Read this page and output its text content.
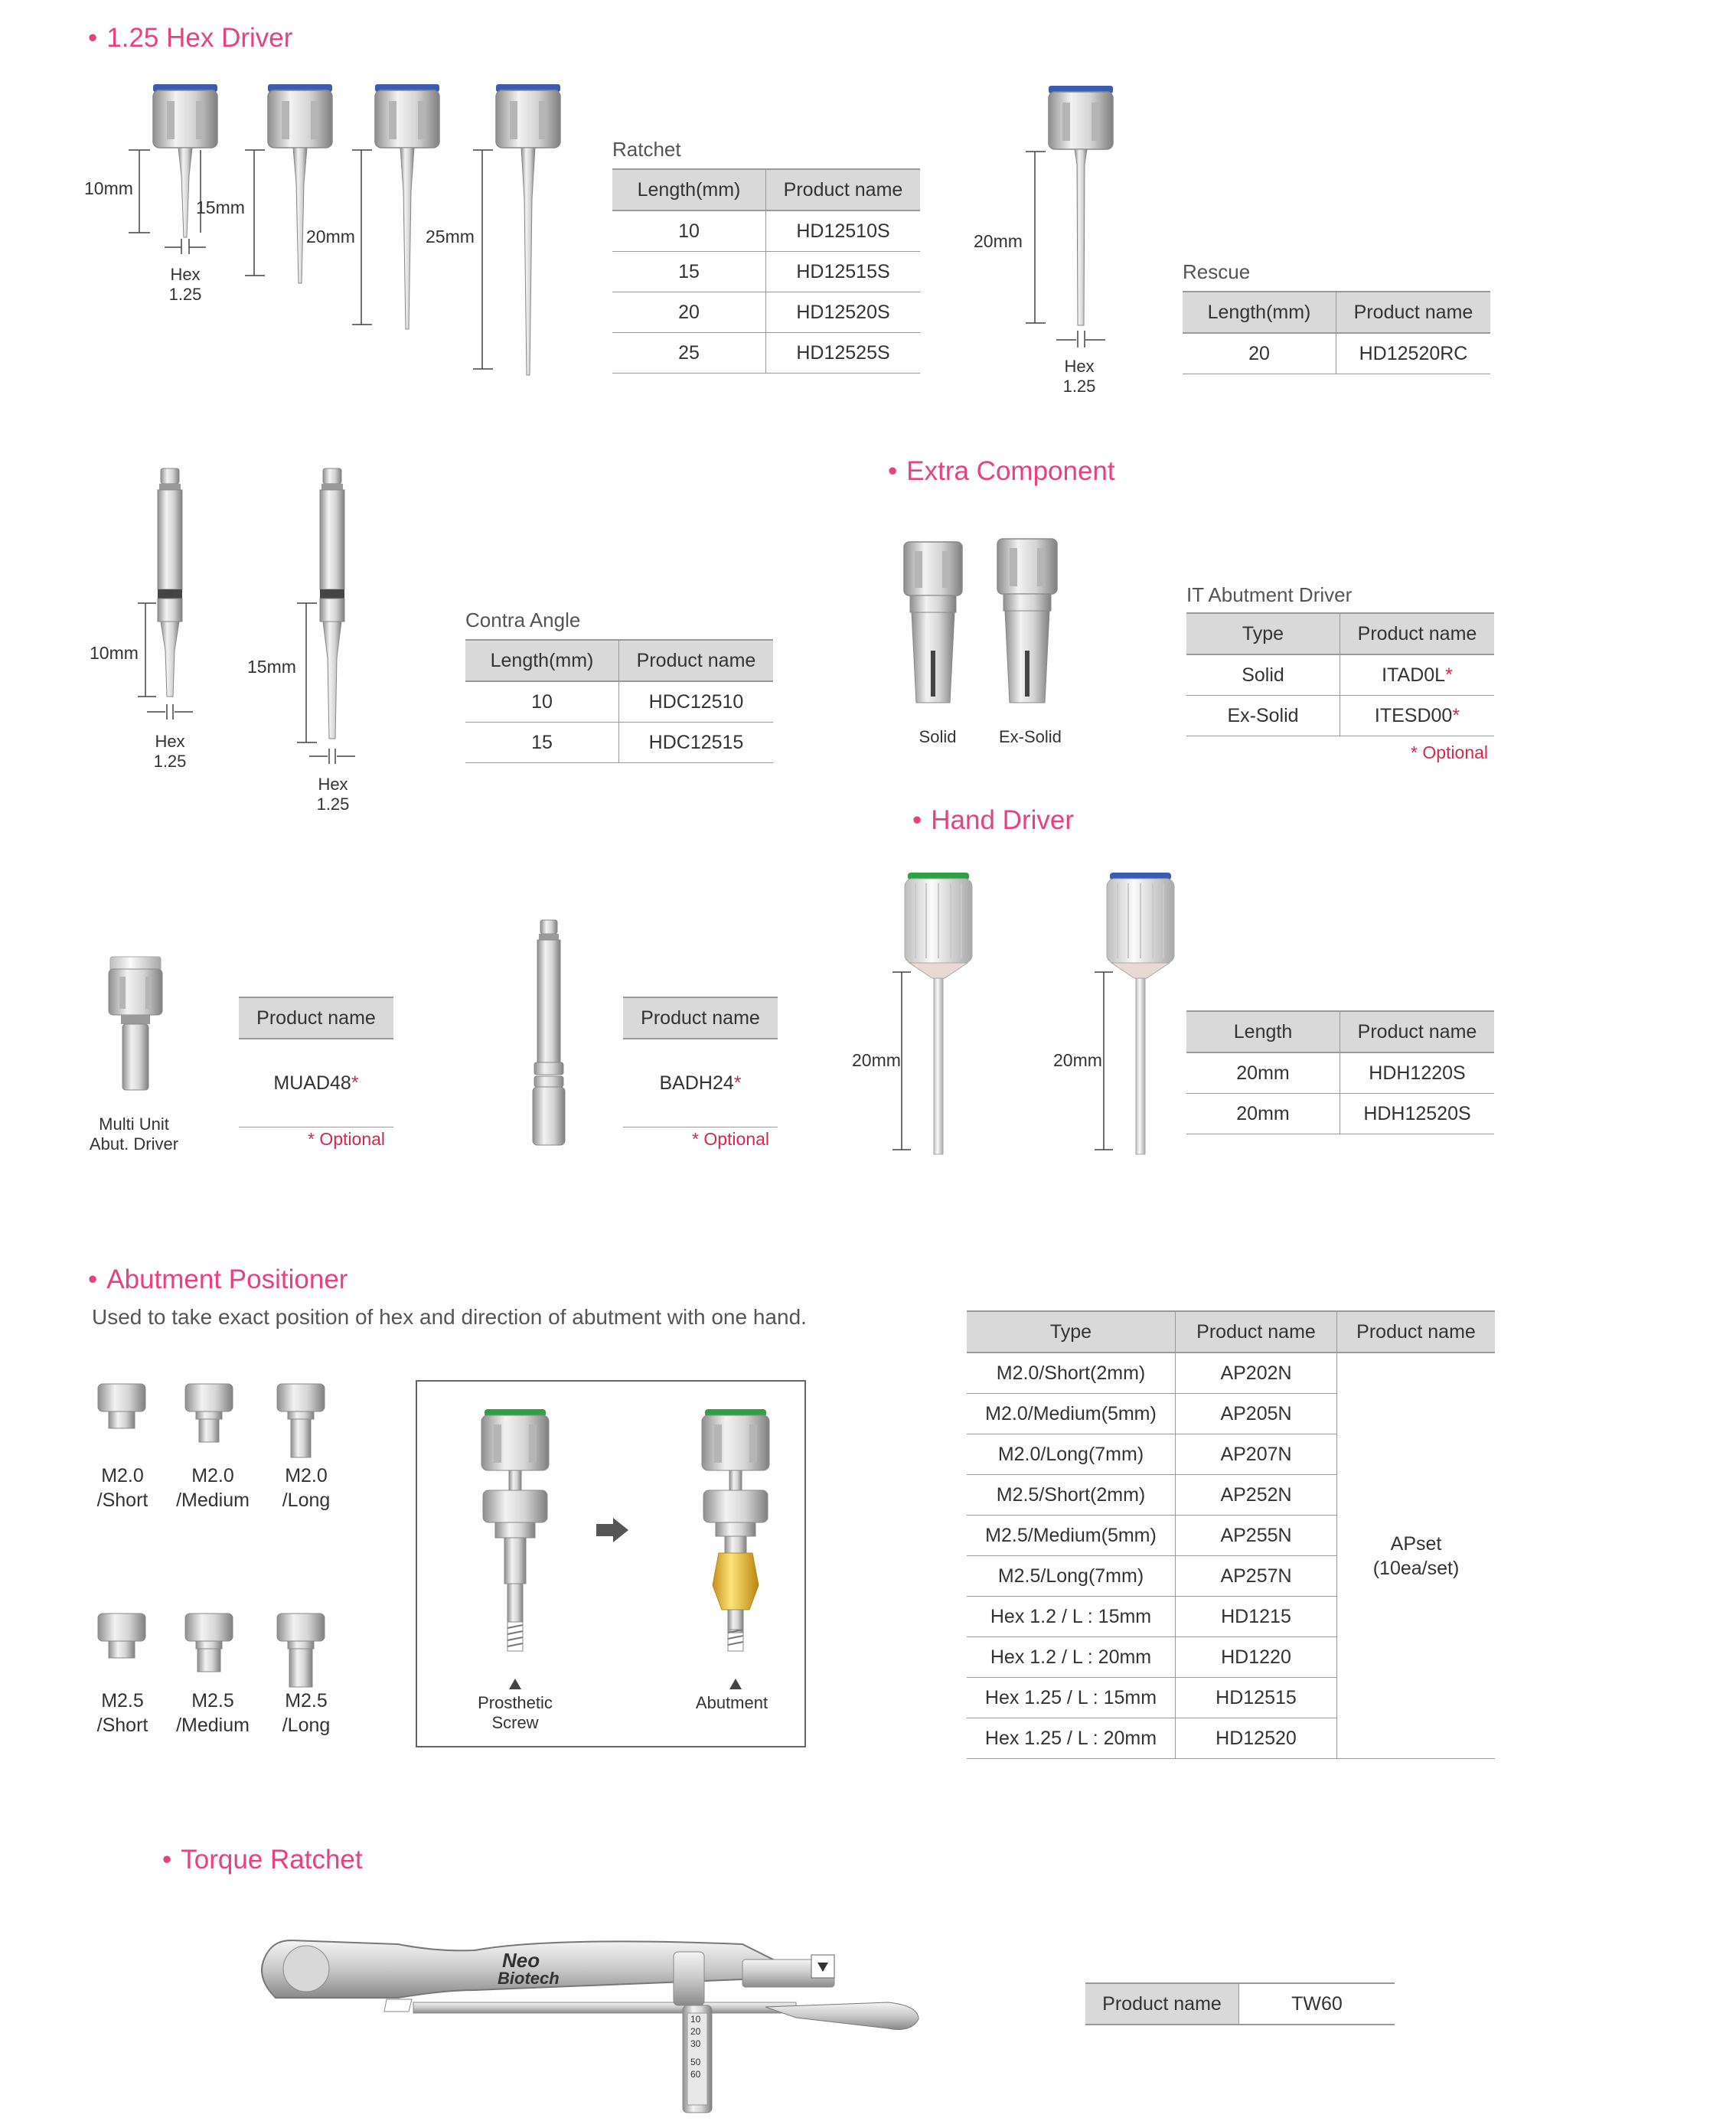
• 1.25 Hex Driver
10mm
15mm
20mm	25mm
Hex
1.25
Ratchet
Length(mm)	Product name
10	HD12510S
15	HD12515S
20	HD12520S
25	HD12525S
20mm
Hex
1.25
Rescue
Length(mm)	Product name
20	HD12520RC
10mm
15mm
Hex
1.25
Hex
1.25
Contra Angle
Length(mm)	Product name
10	HDC12510
15	HDC12515
• Extra Component
Solid	Ex-Solid
IT Abutment Driver
Type	Product name
Solid	ITAD0L*
Ex-Solid	ITESD00*
* Optional
Multi Unit
Abut. Driver
Product name
MUAD48*
* Optional
Product name
BADH24*
* Optional
• Hand Driver
20mm	20mm
Length	Product name
20mm	HDH1220S
20mm	HDH12520S
• Abutment Positioner
Used to take exact position of hex and direction of abutment with one hand.
M2.0
/Short
M2.0
/Medium
M2.0
/Long
M2.5
/Short
M2.5
/Medium
M2.5
/Long
Prosthetic
Screw
Abutment
Type	Product name	Product name
M2.0/Short(2mm)	AP202N	APset
(10ea/set)

M2.0/Medium(5mm)	AP205N	
M2.0/Long(7mm)	AP207N	
M2.5/Short(2mm)	AP252N	
M2.5/Medium(5mm)	AP255N	
M2.5/Long(7mm)	AP257N	
Hex 1.2 / L : 15mm	HD1215	
Hex 1.2 / L : 20mm	HD1220	
Hex 1.25 / L : 15mm	HD12515	
Hex 1.25 / L : 20mm	HD12520	
• Torque Ratchet
Neo
Biotech
10
20
30
50
60
Product name	TW60
